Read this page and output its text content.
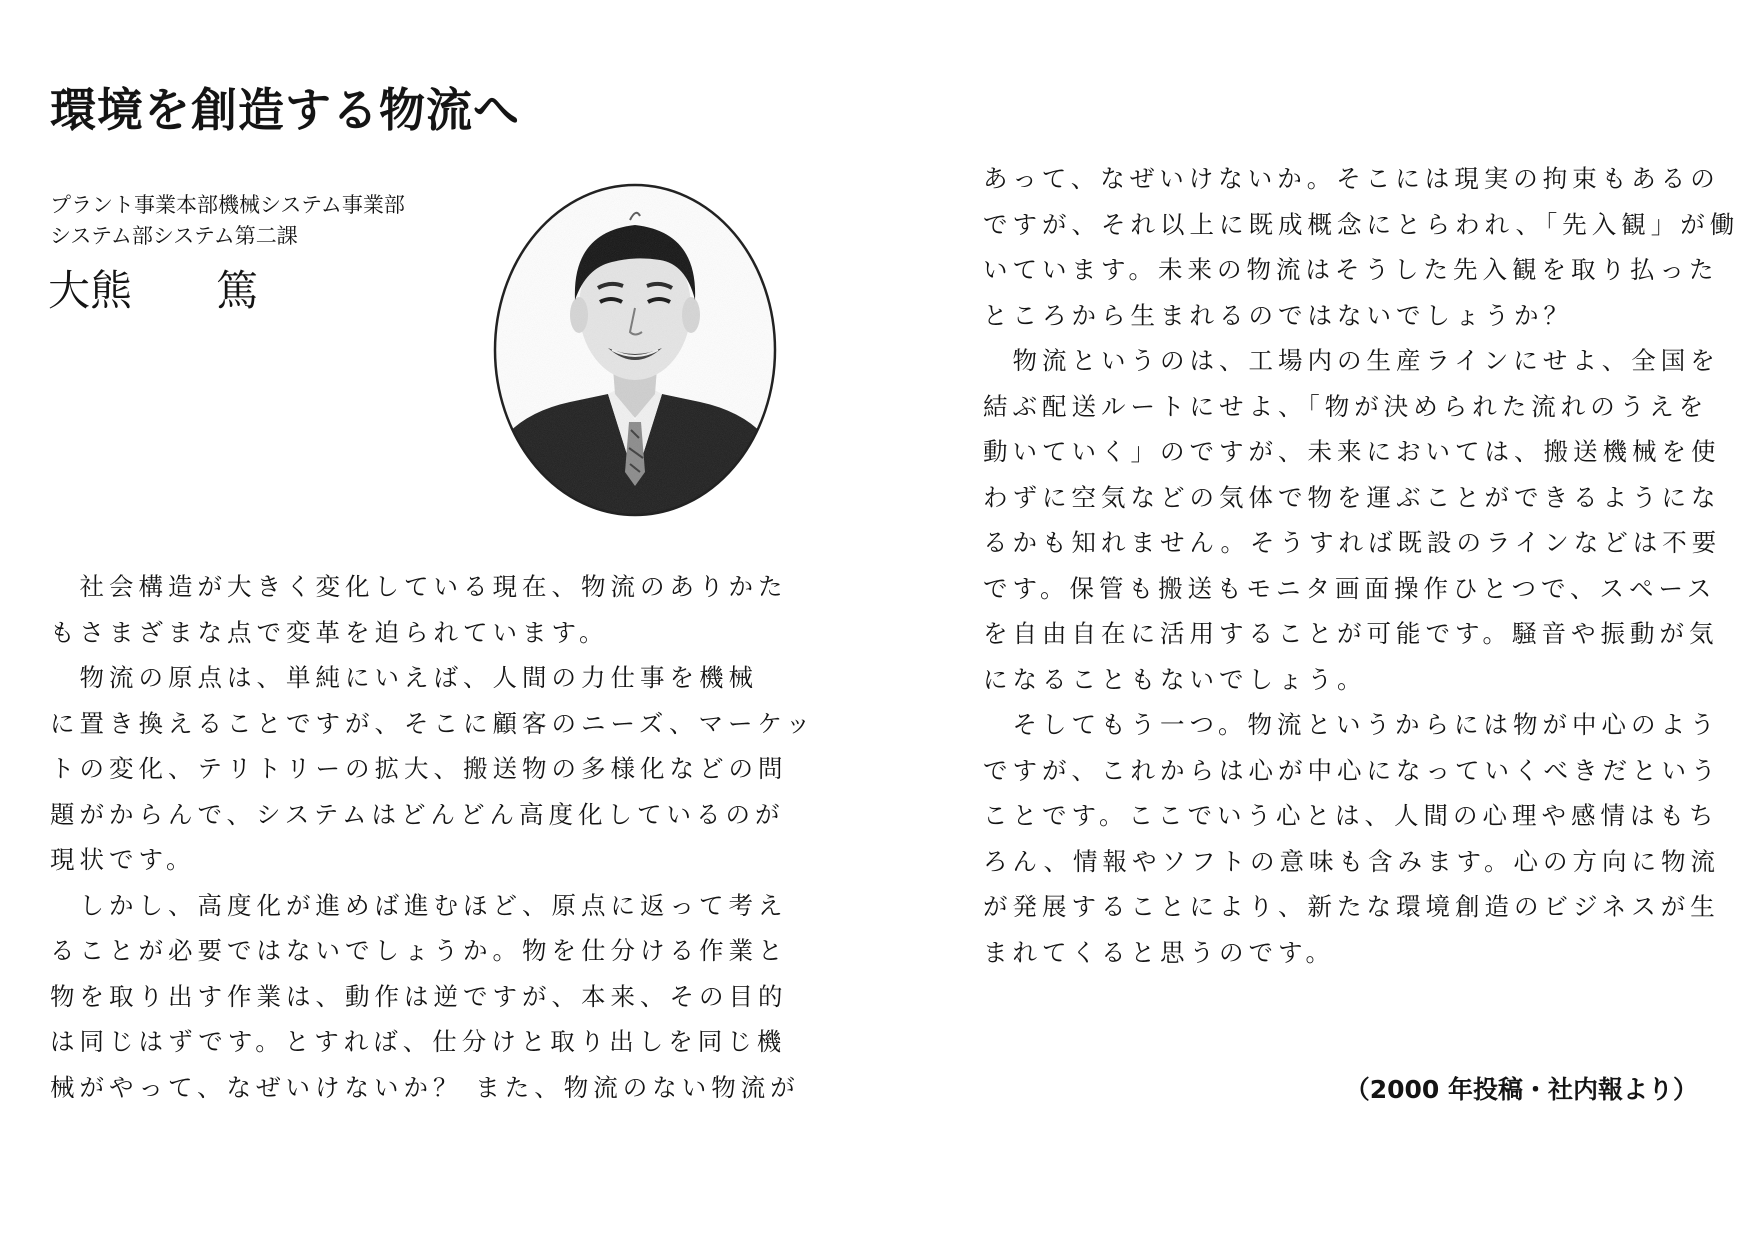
環境を創造する物流へ
プラント事業本部機械システム事業部
システム部システム第二課
大熊　　篤
　社会構造が大きく変化している現在、物流のありかた
もさまざまな点で変革を迫られています。
　物流の原点は、単純にいえば、人間の力仕事を機械
に置き換えることですが、そこに顧客のニーズ、マーケッ
トの変化、テリトリーの拡大、搬送物の多様化などの問
題がからんで、システムはどんどん高度化しているのが
現状です。
　しかし、高度化が進めば進むほど、原点に返って考え
ることが必要ではないでしょうか。物を仕分ける作業と
物を取り出す作業は、動作は逆ですが、本来、その目的
は同じはずです。とすれば、仕分けと取り出しを同じ機
械がやって、なぜいけないか？ また、物流のない物流が
あって、なぜいけないか。そこには現実の拘束もあるの
ですが、それ以上に既成概念にとらわれ、「先入観」が働
いています。未来の物流はそうした先入観を取り払った
ところから生まれるのではないでしょうか？
　物流というのは、工場内の生産ラインにせよ、全国を
結ぶ配送ルートにせよ、「物が決められた流れのうえを
動いていく」のですが、未来においては、搬送機械を使
わずに空気などの気体で物を運ぶことができるようにな
るかも知れません。そうすれば既設のラインなどは不要
です。保管も搬送もモニタ画面操作ひとつで、スペース
を自由自在に活用することが可能です。騒音や振動が気
になることもないでしょう。
　そしてもう一つ。物流というからには物が中心のよう
ですが、これからは心が中心になっていくべきだという
ことです。ここでいう心とは、人間の心理や感情はもち
ろん、情報やソフトの意味も含みます。心の方向に物流
が発展することにより、新たな環境創造のビジネスが生
まれてくると思うのです。
（2000 年投稿・社内報より）
